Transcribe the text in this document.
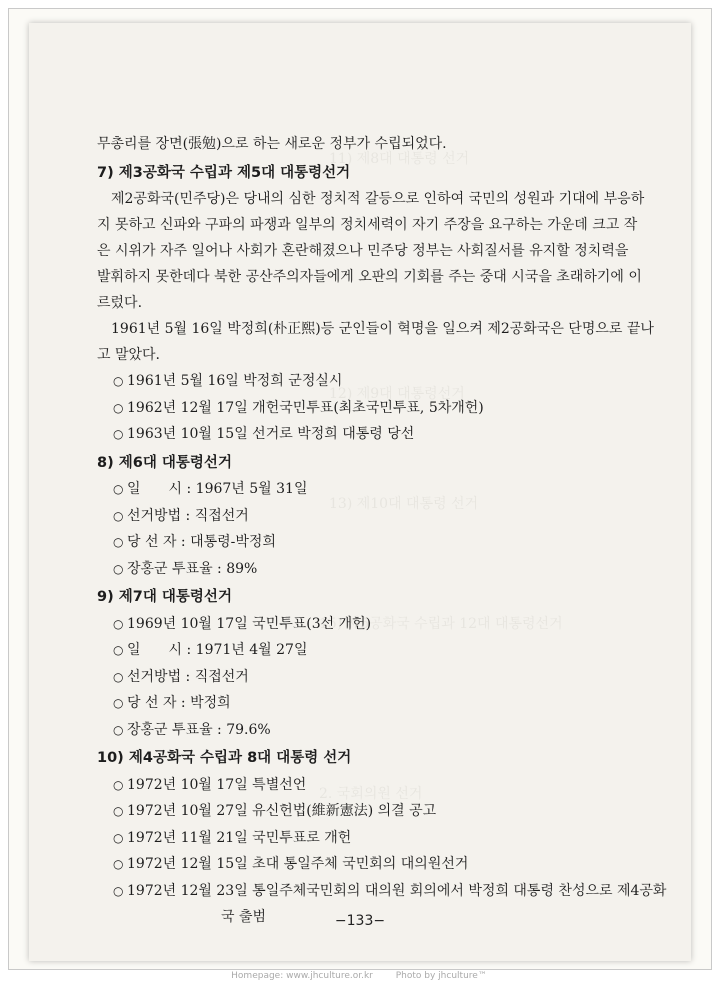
11) 제8대 대통령 선거
12) 제9대 대통령선거
13) 제10대 대통령 선거
15) 제5공화국 수립과 12대 대통령선거
2. 국회의원 선거
무총리를 장면(張勉)으로 하는 새로운 정부가 수립되었다.
7) 제3공화국 수립과 제5대 대통령선거
제2공화국(민주당)은 당내의 심한 정치적 갈등으로 인하여 국민의 성원과 기대에 부응하
지 못하고 신파와 구파의 파쟁과 일부의 정치세력이 자기 주장을 요구하는 가운데 크고 작
은 시위가 자주 일어나 사회가 혼란해졌으나 민주당 정부는 사회질서를 유지할 정치력을
발휘하지 못한데다 북한 공산주의자들에게 오판의 기회를 주는 중대 시국을 초래하기에 이
르렀다.
1961년 5월 16일 박정희(朴正熙)등 군인들이 혁명을 일으켜 제2공화국은 단명으로 끝나
고 말았다.
○ 1961년 5월 16일 박정희 군정실시
○ 1962년 12월 17일 개헌국민투표(최초국민투표, 5차개헌)
○ 1963년 10월 15일 선거로 박정희 대통령 당선
8) 제6대 대통령선거
○ 일　　시 : 1967년 5월 31일
○ 선거방법 : 직접선거
○ 당 선 자 : 대통령-박정희
○ 장홍군 투표율 : 89%
9) 제7대 대통령선거
○ 1969년 10월 17일 국민투표(3선 개헌)
○ 일　　시 : 1971년 4월 27일
○ 선거방법 : 직접선거
○ 당 선 자 : 박정희
○ 장홍군 투표율 : 79.6%
10) 제4공화국 수립과 8대 대통령 선거
○ 1972년 10월 17일 특별선언
○ 1972년 10월 27일 유신헌법(維新憲法) 의결 공고
○ 1972년 11월 21일 국민투표로 개헌
○ 1972년 12월 15일 초대 통일주체 국민회의 대의원선거
○ 1972년 12월 23일 통일주체국민회의 대의원 회의에서 박정희 대통령 찬성으로 제4공화
국 출범	−133−
Homepage: www.jhculture.or.kr	Photo by jhculture™
